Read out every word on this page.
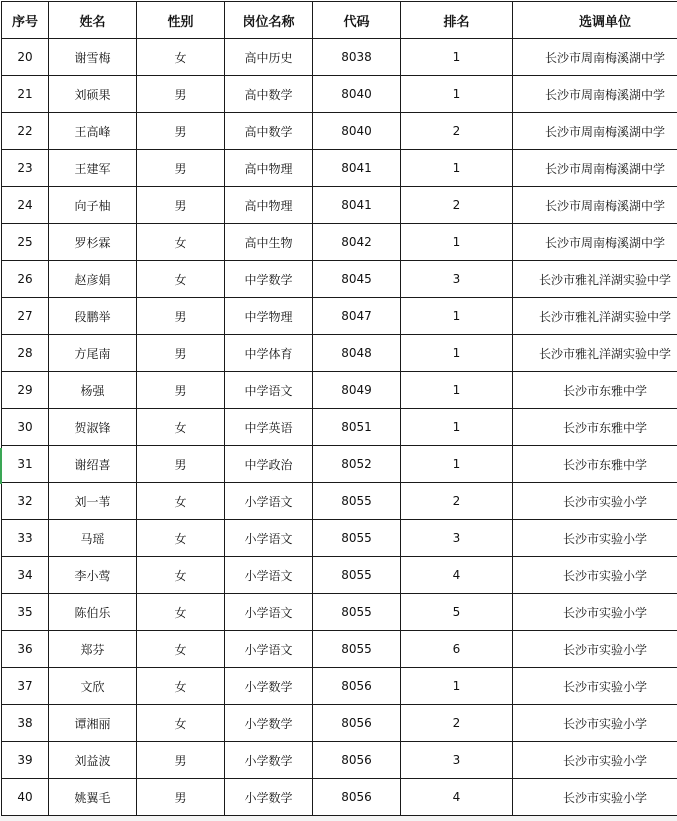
序号	姓名	性别	岗位名称	代码	排名	选调单位
20	谢雪梅	女	高中历史	8038	1	长沙市周南梅溪湖中学
21	刘硕果	男	高中数学	8040	1	长沙市周南梅溪湖中学
22	王高峰	男	高中数学	8040	2	长沙市周南梅溪湖中学
23	王建军	男	高中物理	8041	1	长沙市周南梅溪湖中学
24	向子柚	男	高中物理	8041	2	长沙市周南梅溪湖中学
25	罗杉霖	女	高中生物	8042	1	长沙市周南梅溪湖中学
26	赵彦娟	女	中学数学	8045	3	长沙市雅礼洋湖实验中学
27	段鹏举	男	中学物理	8047	1	长沙市雅礼洋湖实验中学
28	方尾南	男	中学体育	8048	1	长沙市雅礼洋湖实验中学
29	杨强	男	中学语文	8049	1	长沙市东雅中学
30	贺淑锋	女	中学英语	8051	1	长沙市东雅中学
31	谢绍喜	男	中学政治	8052	1	长沙市东雅中学
32	刘一苇	女	小学语文	8055	2	长沙市实验小学
33	马瑶	女	小学语文	8055	3	长沙市实验小学
34	李小莺	女	小学语文	8055	4	长沙市实验小学
35	陈伯乐	女	小学语文	8055	5	长沙市实验小学
36	郑芬	女	小学语文	8055	6	长沙市实验小学
37	文欣	女	小学数学	8056	1	长沙市实验小学
38	谭湘丽	女	小学数学	8056	2	长沙市实验小学
39	刘益波	男	小学数学	8056	3	长沙市实验小学
40	姚翼毛	男	小学数学	8056	4	长沙市实验小学
